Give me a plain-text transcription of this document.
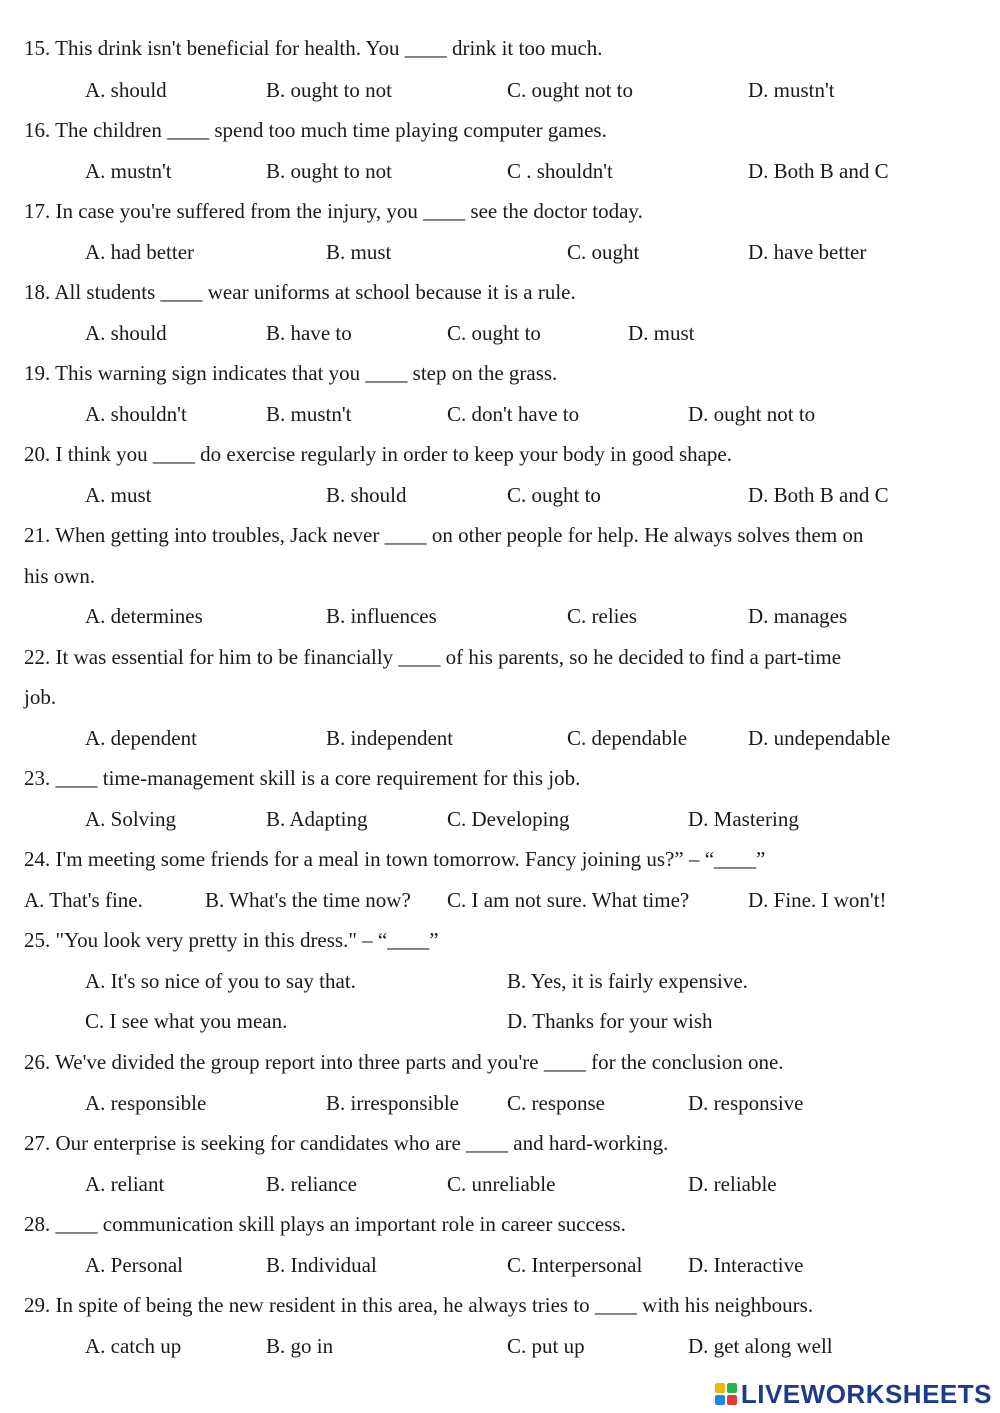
15. This drink isn't beneficial for health. You ____ drink it too much.
A. should	B. ought to not	C. ought not to	D. mustn't
16. The children ____ spend too much time playing computer games.
A. mustn't	B. ought to not	C . shouldn't	D. Both B and C
17. In case you're suffered from the injury, you ____ see the doctor today.
A. had better	B. must	C. ought	D. have better
18. All students ____ wear uniforms at school because it is a rule.
A. should	B. have to	C. ought to	D. must
19. This warning sign indicates that you ____ step on the grass.
A. shouldn't	B. mustn't	C. don't have to	D. ought not to
20. I think you ____ do exercise regularly in order to keep your body in good shape.
A. must	B. should	C. ought to	D. Both B and C
21. When getting into troubles, Jack never ____ on other people for help. He always solves them on
his own.
A. determines	B. influences	C. relies	D. manages
22. It was essential for him to be financially ____ of his parents, so he decided to find a part-time
job.
A. dependent	B. independent	C. dependable	D. undependable
23. ____ time-management skill is a core requirement for this job.
A. Solving	B. Adapting	C. Developing	D. Mastering
24. I'm meeting some friends for a meal in town tomorrow. Fancy joining us?” – “____”
A. That's fine.	B. What's the time now? C. I am not sure. What time?	D. Fine. I won't!
25. "You look very pretty in this dress." – “____”
A. It's so nice of you to say that.	B. Yes, it is fairly expensive.
C. I see what you mean.	D. Thanks for your wish
26. We've divided the group report into three parts and you're ____ for the conclusion one.
A. responsible	B. irresponsible C. response	D. responsive
27. Our enterprise is seeking for candidates who are ____ and hard-working.
A. reliant	B. reliance	C. unreliable	D. reliable
28. ____ communication skill plays an important role in career success.
A. Personal	B. Individual	C. Interpersonal D. Interactive
29. In spite of being the new resident in this area, he always tries to ____ with his neighbours.
A. catch up	B. go in	C. put up	D. get along well
LIVEWORKSHEETS
